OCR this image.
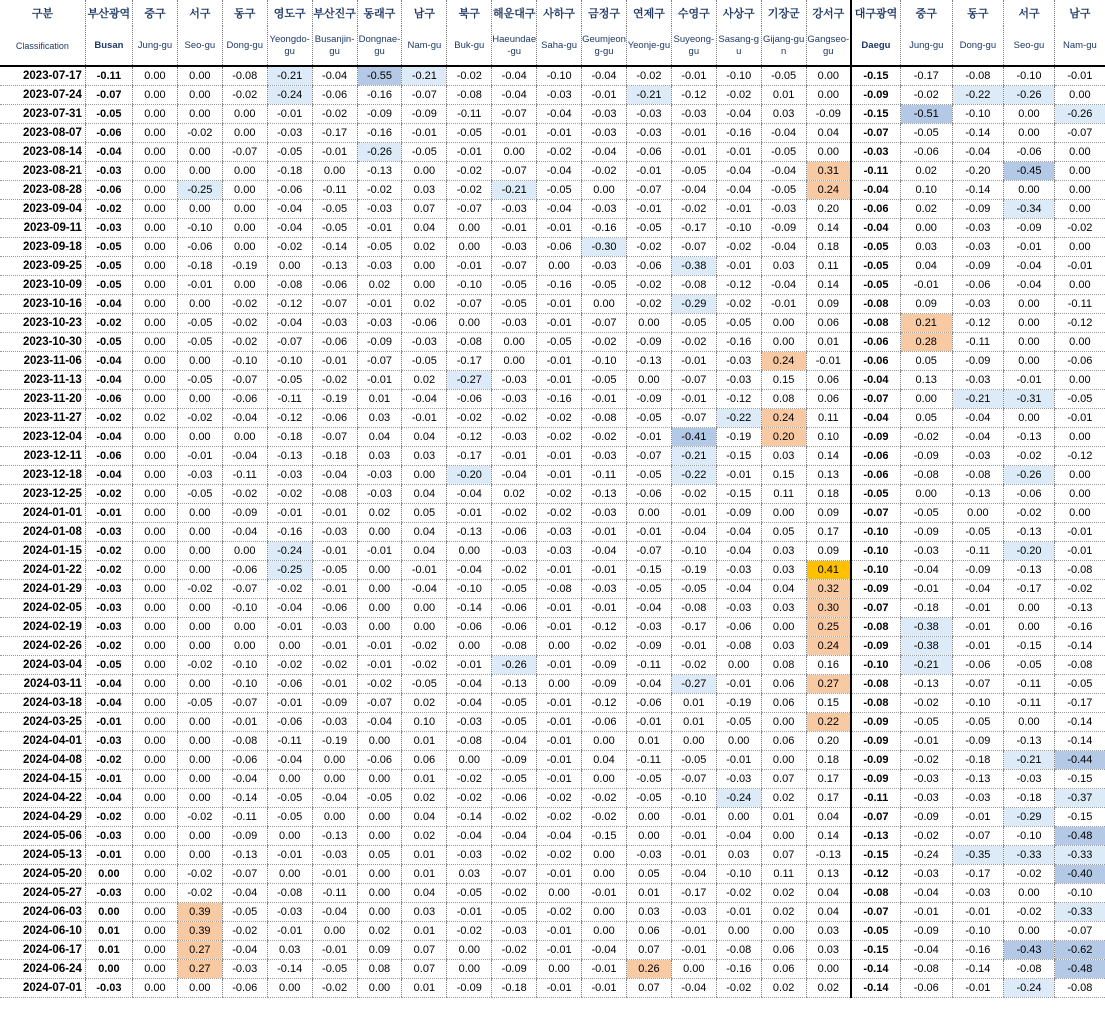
구분	부산광역	중구	서구	동구	영도구	부산진구	동래구	남구	북구	해운대구	사하구	금정구	연제구	수영구	사상구	기장군	강서구	대구광역	중구	동구	서구	남구
Classification	Busan	Jung-gu	Seo-gu	Dong-gu	Yeongdo-gu	Busanjin-gu	Dongnae-gu	Nam-gu	Buk-gu	Haeundae-gu	Saha-gu	Geumjeong-gu	Yeonje-gu	Suyeong-gu	Sasang-gu	Gijang-gun	Gangseo-gu	Daegu	Jung-gu	Dong-gu	Seo-gu	Nam-gu
2023-07-17	-0.11	0.00	0.00	-0.08	-0.21	-0.04	-0.55	-0.21	-0.02	-0.04	-0.10	-0.04	-0.02	-0.01	-0.10	-0.05	0.00	-0.15	-0.17	-0.08	-0.10	-0.01
2023-07-24	-0.07	0.00	0.00	-0.02	-0.24	-0.06	-0.16	-0.07	-0.08	-0.04	-0.03	-0.01	-0.21	-0.12	-0.02	0.01	0.00	-0.09	-0.02	-0.22	-0.26	0.00
2023-07-31	-0.05	0.00	0.00	0.00	-0.01	-0.02	-0.09	-0.09	-0.11	-0.07	-0.04	-0.03	-0.03	-0.03	-0.04	0.03	-0.09	-0.15	-0.51	-0.10	0.00	-0.26
2023-08-07	-0.06	0.00	-0.02	0.00	-0.03	-0.17	-0.16	-0.01	-0.05	-0.01	-0.01	-0.03	-0.03	-0.01	-0.16	-0.04	0.04	-0.07	-0.05	-0.14	0.00	-0.07
2023-08-14	-0.04	0.00	0.00	-0.07	-0.05	-0.01	-0.26	-0.05	-0.01	0.00	-0.02	-0.04	-0.06	-0.01	-0.01	-0.05	0.00	-0.03	-0.06	-0.04	-0.06	0.00
2023-08-21	-0.03	0.00	0.00	0.00	-0.18	0.00	-0.13	0.00	-0.02	-0.07	-0.04	-0.02	-0.01	-0.05	-0.04	-0.04	0.31	-0.11	0.02	-0.20	-0.45	0.00
2023-08-28	-0.06	0.00	-0.25	0.00	-0.06	-0.11	-0.02	0.03	-0.02	-0.21	-0.05	0.00	-0.07	-0.04	-0.04	-0.05	0.24	-0.04	0.10	-0.14	0.00	0.00
2023-09-04	-0.02	0.00	0.00	0.00	-0.04	-0.05	-0.03	0.07	-0.07	-0.03	-0.04	-0.03	-0.01	-0.02	-0.01	-0.03	0.20	-0.06	0.02	-0.09	-0.34	0.00
2023-09-11	-0.03	0.00	-0.10	0.00	-0.04	-0.05	-0.01	0.04	0.00	-0.01	-0.01	-0.16	-0.05	-0.17	-0.10	-0.09	0.14	-0.04	0.00	-0.03	-0.09	-0.02
2023-09-18	-0.05	0.00	-0.06	0.00	-0.02	-0.14	-0.05	0.02	0.00	-0.03	-0.06	-0.30	-0.02	-0.07	-0.02	-0.04	0.18	-0.05	0.03	-0.03	-0.01	0.00
2023-09-25	-0.05	0.00	-0.18	-0.19	0.00	-0.13	-0.03	0.00	-0.01	-0.07	0.00	-0.03	-0.06	-0.38	-0.01	0.03	0.11	-0.05	0.04	-0.09	-0.04	-0.01
2023-10-09	-0.05	0.00	-0.01	0.00	-0.08	-0.06	0.02	0.00	-0.10	-0.05	-0.16	-0.05	-0.02	-0.08	-0.12	-0.04	0.14	-0.05	-0.01	-0.06	-0.04	0.00
2023-10-16	-0.04	0.00	0.00	-0.02	-0.12	-0.07	-0.01	0.02	-0.07	-0.05	-0.01	0.00	-0.02	-0.29	-0.02	-0.01	0.09	-0.08	0.09	-0.03	0.00	-0.11
2023-10-23	-0.02	0.00	-0.05	-0.02	-0.04	-0.03	-0.03	-0.06	0.00	-0.03	-0.01	-0.07	0.00	-0.05	-0.05	0.00	0.06	-0.08	0.21	-0.12	0.00	-0.12
2023-10-30	-0.05	0.00	-0.05	-0.02	-0.07	-0.06	-0.09	-0.03	-0.08	0.00	-0.05	-0.02	-0.09	-0.02	-0.16	0.00	0.01	-0.06	0.28	-0.11	0.00	0.00
2023-11-06	-0.04	0.00	0.00	-0.10	-0.10	-0.01	-0.07	-0.05	-0.17	0.00	-0.01	-0.10	-0.13	-0.01	-0.03	0.24	-0.01	-0.06	0.05	-0.09	0.00	-0.06
2023-11-13	-0.04	0.00	-0.05	-0.07	-0.05	-0.02	-0.01	0.02	-0.27	-0.03	-0.01	-0.05	0.00	-0.07	-0.03	0.15	0.06	-0.04	0.13	-0.03	-0.01	0.00
2023-11-20	-0.06	0.00	0.00	-0.06	-0.11	-0.19	0.01	-0.04	-0.06	-0.03	-0.16	-0.01	-0.09	-0.01	-0.12	0.08	0.06	-0.07	0.00	-0.21	-0.31	-0.05
2023-11-27	-0.02	0.02	-0.02	-0.04	-0.12	-0.06	0.03	-0.01	-0.02	-0.02	-0.02	-0.08	-0.05	-0.07	-0.22	0.24	0.11	-0.04	0.05	-0.04	0.00	-0.01
2023-12-04	-0.04	0.00	0.00	0.00	-0.18	-0.07	0.04	0.04	-0.12	-0.03	-0.02	-0.02	-0.01	-0.41	-0.19	0.20	0.10	-0.09	-0.02	-0.04	-0.13	0.00
2023-12-11	-0.06	0.00	-0.01	-0.04	-0.13	-0.18	0.03	0.03	-0.17	-0.01	-0.01	-0.03	-0.07	-0.21	-0.15	0.03	0.14	-0.06	-0.09	-0.03	-0.02	-0.12
2023-12-18	-0.04	0.00	-0.03	-0.11	-0.03	-0.04	-0.03	0.00	-0.20	-0.04	-0.01	-0.11	-0.05	-0.22	-0.01	0.15	0.13	-0.06	-0.08	-0.08	-0.26	0.00
2023-12-25	-0.02	0.00	-0.05	-0.02	-0.02	-0.08	-0.03	0.04	-0.04	0.02	-0.02	-0.13	-0.06	-0.02	-0.15	0.11	0.18	-0.05	0.00	-0.13	-0.06	0.00
2024-01-01	-0.01	0.00	0.00	-0.09	-0.01	-0.01	0.02	0.05	-0.01	-0.02	-0.02	-0.03	0.00	-0.01	-0.09	0.00	0.09	-0.07	-0.05	0.00	-0.02	0.00
2024-01-08	-0.03	0.00	0.00	-0.04	-0.16	-0.03	0.00	0.04	-0.13	-0.06	-0.03	-0.01	-0.01	-0.04	-0.04	0.05	0.17	-0.10	-0.09	-0.05	-0.13	-0.01
2024-01-15	-0.02	0.00	0.00	0.00	-0.24	-0.01	-0.01	0.04	0.00	-0.03	-0.03	-0.04	-0.07	-0.10	-0.04	0.03	0.09	-0.10	-0.03	-0.11	-0.20	-0.01
2024-01-22	-0.02	0.00	0.00	-0.06	-0.25	-0.05	0.00	-0.01	-0.04	-0.02	-0.01	-0.01	-0.15	-0.19	-0.03	0.03	0.41	-0.10	-0.04	-0.09	-0.13	-0.08
2024-01-29	-0.03	0.00	-0.02	-0.07	-0.02	-0.01	0.00	-0.04	-0.10	-0.05	-0.08	-0.03	-0.05	-0.05	-0.04	0.04	0.32	-0.09	-0.01	-0.04	-0.17	-0.02
2024-02-05	-0.03	0.00	0.00	-0.10	-0.04	-0.06	0.00	0.00	-0.14	-0.06	-0.01	-0.01	-0.04	-0.08	-0.03	0.03	0.30	-0.07	-0.18	-0.01	0.00	-0.13
2024-02-19	-0.03	0.00	0.00	0.00	-0.01	-0.03	0.00	0.00	-0.06	-0.06	-0.01	-0.12	-0.03	-0.17	-0.06	0.00	0.25	-0.08	-0.38	-0.01	0.00	-0.16
2024-02-26	-0.02	0.00	0.00	0.00	0.00	-0.01	-0.01	-0.02	0.00	-0.08	0.00	-0.02	-0.09	-0.01	-0.08	0.03	0.24	-0.09	-0.38	-0.01	-0.15	-0.14
2024-03-04	-0.05	0.00	-0.02	-0.10	-0.02	-0.02	-0.01	-0.02	-0.01	-0.26	-0.01	-0.09	-0.11	-0.02	0.00	0.08	0.16	-0.10	-0.21	-0.06	-0.05	-0.08
2024-03-11	-0.04	0.00	0.00	-0.10	-0.06	-0.01	-0.02	-0.05	-0.04	-0.13	0.00	-0.09	-0.04	-0.27	-0.01	0.06	0.27	-0.08	-0.13	-0.07	-0.11	-0.05
2024-03-18	-0.04	0.00	-0.05	-0.07	-0.01	-0.09	-0.07	0.02	-0.04	-0.05	-0.01	-0.12	-0.06	0.01	-0.19	0.06	0.15	-0.08	-0.02	-0.10	-0.11	-0.17
2024-03-25	-0.01	0.00	0.00	-0.01	-0.06	-0.03	-0.04	0.10	-0.03	-0.05	-0.01	-0.06	-0.01	0.01	-0.05	0.00	0.22	-0.09	-0.05	-0.05	0.00	-0.14
2024-04-01	-0.03	0.00	0.00	-0.08	-0.11	-0.19	0.00	0.01	-0.08	-0.04	-0.01	0.00	0.01	0.00	0.00	0.06	0.20	-0.09	-0.01	-0.09	-0.13	-0.14
2024-04-08	-0.02	0.00	0.00	-0.06	-0.04	0.00	-0.06	0.06	0.00	-0.09	-0.01	0.04	-0.11	-0.05	-0.01	0.00	0.18	-0.09	-0.02	-0.18	-0.21	-0.44
2024-04-15	-0.01	0.00	0.00	-0.04	0.00	0.00	0.00	0.01	-0.02	-0.05	-0.01	0.00	-0.05	-0.07	-0.03	0.07	0.17	-0.09	-0.03	-0.13	-0.03	-0.15
2024-04-22	-0.04	0.00	0.00	-0.14	-0.05	-0.04	-0.05	0.02	-0.02	-0.06	-0.02	-0.02	-0.05	-0.10	-0.24	0.02	0.17	-0.11	-0.03	-0.03	-0.18	-0.37
2024-04-29	-0.02	0.00	-0.02	-0.11	-0.05	0.00	0.00	0.04	-0.14	-0.02	-0.02	-0.02	0.00	-0.01	0.00	0.01	0.04	-0.07	-0.09	-0.01	-0.29	-0.15
2024-05-06	-0.03	0.00	0.00	-0.09	0.00	-0.13	0.00	0.02	-0.04	-0.04	-0.04	-0.15	0.00	-0.01	-0.04	0.00	0.14	-0.13	-0.02	-0.07	-0.10	-0.48
2024-05-13	-0.01	0.00	0.00	-0.13	-0.01	-0.03	0.05	0.01	-0.03	-0.02	-0.02	0.00	-0.03	-0.01	0.03	0.07	-0.13	-0.15	-0.24	-0.35	-0.33	-0.33
2024-05-20	0.00	0.00	-0.02	-0.07	0.00	-0.01	0.00	0.01	0.03	-0.07	-0.01	0.00	0.05	-0.04	-0.10	0.11	0.13	-0.12	-0.03	-0.17	-0.02	-0.40
2024-05-27	-0.03	0.00	-0.02	-0.04	-0.08	-0.11	0.00	0.04	-0.05	-0.02	0.00	-0.01	0.01	-0.17	-0.02	0.02	0.04	-0.08	-0.04	-0.03	0.00	-0.10
2024-06-03	0.00	0.00	0.39	-0.05	-0.03	-0.04	0.00	0.03	-0.01	-0.05	-0.02	0.00	0.03	-0.03	-0.01	0.02	0.04	-0.07	-0.01	-0.01	-0.02	-0.33
2024-06-10	0.01	0.00	0.39	-0.02	-0.01	0.00	0.02	0.01	-0.02	-0.03	-0.01	0.00	0.06	-0.01	0.00	0.00	0.03	-0.05	-0.09	-0.10	0.00	-0.07
2024-06-17	0.01	0.00	0.27	-0.04	0.03	-0.01	0.09	0.07	0.00	-0.02	-0.01	-0.04	0.07	-0.01	-0.08	0.06	0.03	-0.15	-0.04	-0.16	-0.43	-0.62
2024-06-24	0.00	0.00	0.27	-0.03	-0.14	-0.05	0.08	0.07	0.00	-0.09	0.00	-0.01	0.26	0.00	-0.16	0.06	0.00	-0.14	-0.08	-0.14	-0.08	-0.48
2024-07-01	-0.03	0.00	0.00	-0.06	0.00	-0.02	0.00	0.01	-0.09	-0.18	-0.01	-0.01	0.07	-0.04	-0.02	0.02	0.02	-0.14	-0.06	-0.01	-0.24	-0.08
